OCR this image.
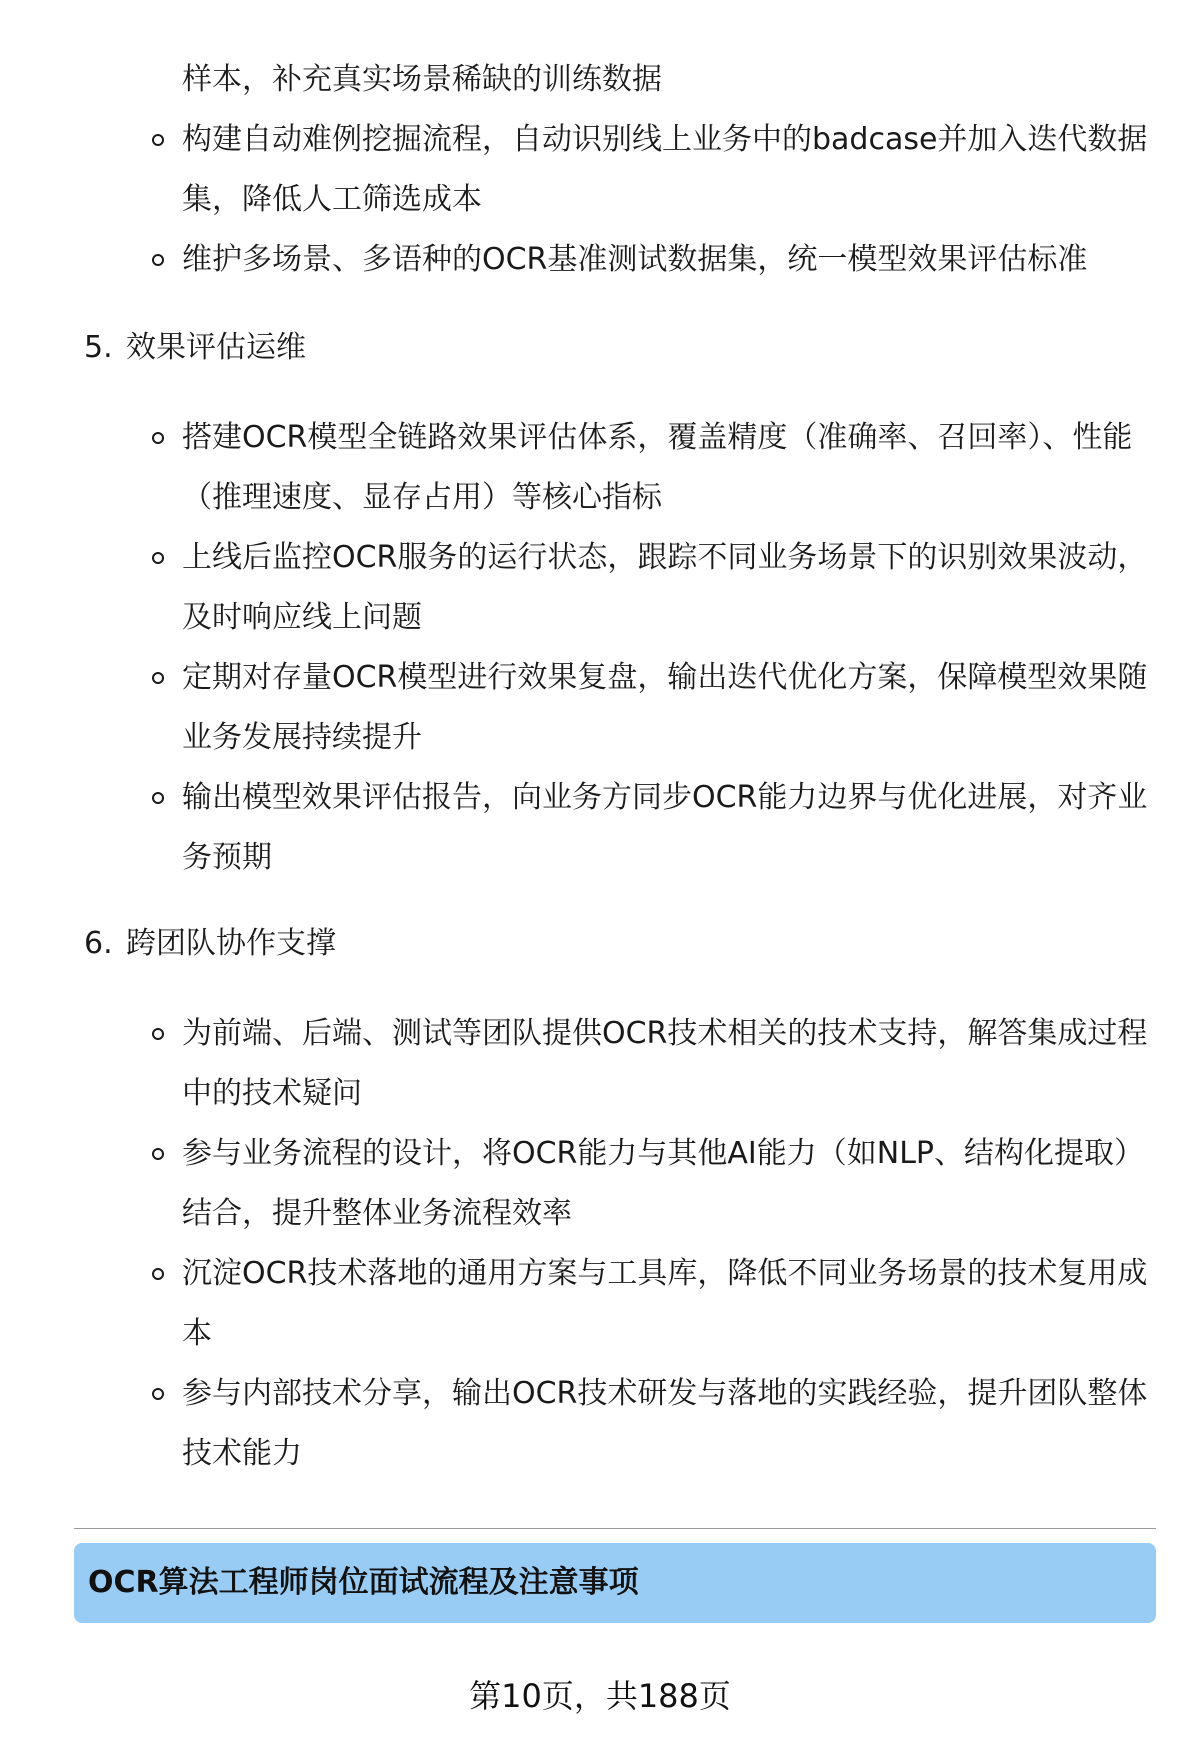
样本，补充真实场景稀缺的训练数据
构建自动难例挖掘流程，自动识别线上业务中的badcase并加入迭代数据
集，降低人工筛选成本
维护多场景、多语种的OCR基准测试数据集，统一模型效果评估标准
5. 效果评估运维
搭建OCR模型全链路效果评估体系，覆盖精度（准确率、召回率）、性能
（推理速度、显存占用）等核心指标
上线后监控OCR服务的运行状态，跟踪不同业务场景下的识别效果波动，
及时响应线上问题
定期对存量OCR模型进行效果复盘，输出迭代优化方案，保障模型效果随
业务发展持续提升
输出模型效果评估报告，向业务方同步OCR能力边界与优化进展，对齐业
务预期
6. 跨团队协作支撑
为前端、后端、测试等团队提供OCR技术相关的技术支持，解答集成过程
中的技术疑问
参与业务流程的设计，将OCR能力与其他AI能力（如NLP、结构化提取）
结合，提升整体业务流程效率
沉淀OCR技术落地的通用方案与工具库，降低不同业务场景的技术复用成
本
参与内部技术分享，输出OCR技术研发与落地的实践经验，提升团队整体
技术能力
OCR算法工程师岗位面试流程及注意事项
第10页，共188页
